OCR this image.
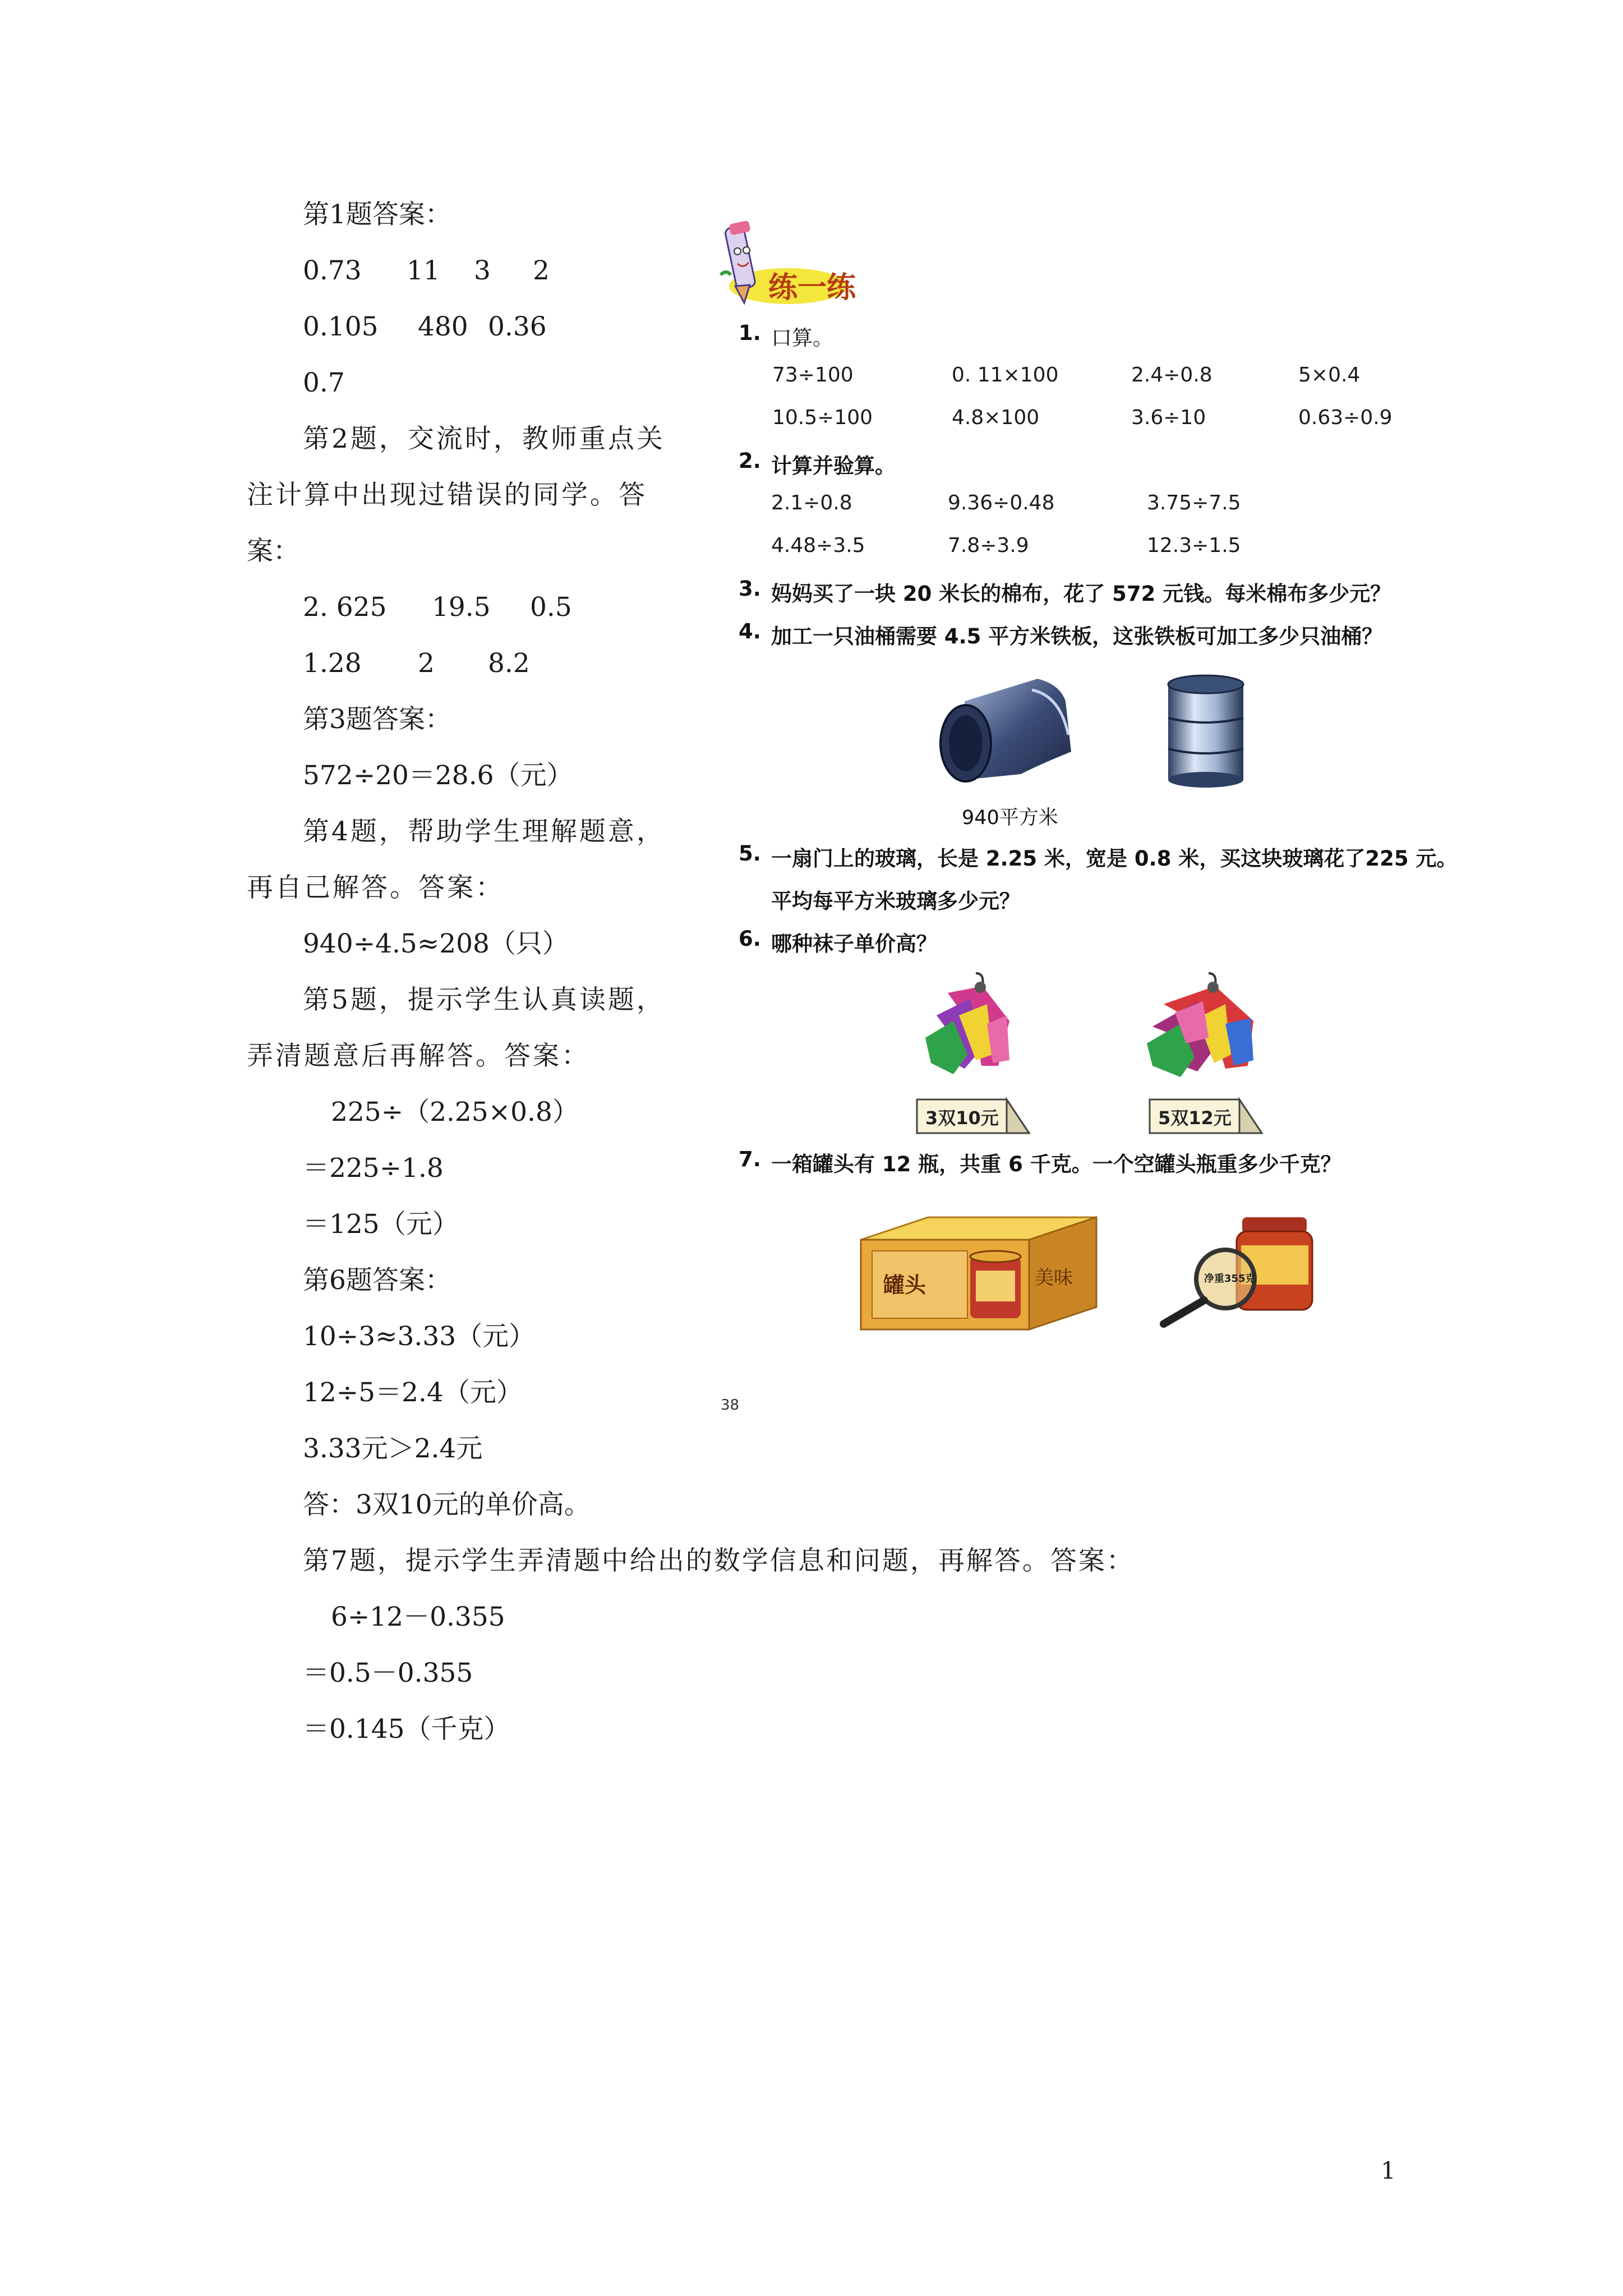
第1题答案：
0.73 11 3 2
0.105 480 0.36
0.7
第2题，交流时，教师重点关
注计算中出现过错误的同学。答
案：
2. 625 19.5 0.5
1.28 2 8.2
第3题答案：
572÷20＝28.6（元）
第4题，帮助学生理解题意，
再自己解答。答案：
940÷4.5≈208（只）
第5题，提示学生认真读题，
弄清题意后再解答。答案：
225÷（2.25×0.8）
＝225÷1.8
＝125（元）
第6题答案：
10÷3≈3.33（元）
12÷5＝2.4（元）
3.33元＞2.4元
答：3双10元的单价高。
第7题，提示学生弄清题中给出的数学信息和问题，再解答。答案：
6÷12－0.355
＝0.5－0.355
＝0.145（千克）
练一练
1. 口算。
73÷100	0. 11×100	2.4÷0.8	5×0.4
10.5÷100	4.8×100	3.6÷10	0.63÷0.9
2. 计算并验算。
2.1÷0.8	9.36÷0.48	3.75÷7.5
4.48÷3.5	7.8÷3.9	12.3÷1.5
3. 妈妈买了一块 20 米长的棉布，花了 572 元钱。每米棉布多少元？
4. 加工一只油桶需要 4.5 平方米铁板，这张铁板可加工多少只油桶？
940平方米
5. 一扇门上的玻璃，长是 2.25 米，宽是 0.8 米，买这块玻璃花了225 元。
平均每平方米玻璃多少元？
6. 哪种袜子单价高？
3双10元	5双12元
7. 一箱罐头有 12 瓶，共重 6 千克。一个空罐头瓶重多少千克？
罐头	美味	净重355克
38
1
